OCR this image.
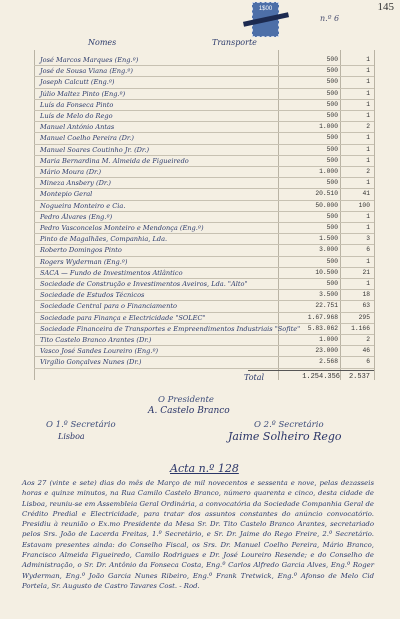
145
1$00
n.º 6
Nomes	Transporte
José Marcos Marques (Eng.º)	500	1
José de Sousa Viana (Eng.º)	500	1
Joseph Calcutt (Eng.º)	500	1
Júlio Maltez Pinto (Eng.º)	500	1
Luís da Fonseca Pinto	500	1
Luís de Melo do Rego	500	1
Manuel António Antas	1.000	2
Manuel Coelho Pereira (Dr.)	500	1
Manuel Soares Coutinho Jr. (Dr.)	500	1
Maria Bernardina M. Almeida de Figueiredo	500	1
Mário Moura (Dr.)	1.000	2
Mineza Ansbery (Dr.)	500	1
Montepio Geral	20.510	41
Nogueira Monteiro e Cia.	50.000	100
Pedro Álvares (Eng.º)	500	1
Pedro Vasconcelos Monteiro e Mendonça (Eng.º)	500	1
Pinto de Magalhães, Companhia, Lda.	1.500	3
Roberto Domingos Pinto	3.000	6
Rogers Wyderman (Eng.º)	500	1
SACA — Fundo de Investimentos Atlântico	10.500	21
Sociedade de Construção e Investimentos Aveiros, Lda. "Alto"	500	1
Sociedade de Estudos Técnicos	3.500	18
Sociedade Central para o Financiamento	22.751	63
Sociedade para Finança e Electricidade "SOLEC"	1.67.968	295
Sociedade Financeira de Transportes e Empreendimentos Industriais "Sofite" 5.83.062 1.166
Tito Castelo Branco Arantes (Dr.)	1.000	2
Vasco José Sandes Loureiro (Eng.º)	23.000	46
Virgílio Gonçalves Nunes (Dr.)	2.568	6
Total	1.254.356	2.537
O Presidente
A. Castelo Branco
O 1.º Secretário
Lisboa
O 2.º Secretário
Jaime Solheiro Rego
Acta n.º 128
Aos 27 (vinte e sete) dias do mês de Março de mil novecentos e sessenta e nove, pelas dezasseis horas e quinze minutos, na Rua Camilo Castelo Branco, número quarenta e cinco, desta cidade de Lisboa, reuniu-se em Assembleia Geral Ordinária, a convocatória da Sociedade Companhia Geral de Crédito Predial e Electricidade, para tratar dos assuntos constantes do anúncio convocatório. Presidiu à reunião o Ex.mo Presidente da Mesa Sr. Dr. Tito Castelo Branco Arantes, secretariado pelos Srs. João de Lacerda Freitas, 1.º Secretário, e Sr. Dr. Jaime do Rego Freire, 2.º Secretário. Estavam presentes ainda: do Conselho Fiscal, os Srs. Dr. Manuel Coelho Pereira, Mário Branco, Francisco Almeida Figueiredo, Camilo Rodrigues e Dr. José Loureiro Resende; e do Conselho de Administração, o Sr. Dr. Antônio da Fonseca Costa, Eng.º Carlos Alfredo Garcia Alves, Eng.º Roger Wyderman, Eng.º João Garcia Nunes Ribeiro, Eng.º Frank Tretwick, Eng.º Afonso de Melo Cid Portela, Sr. Augusto de Castro Tavares Cost. - Rod.
